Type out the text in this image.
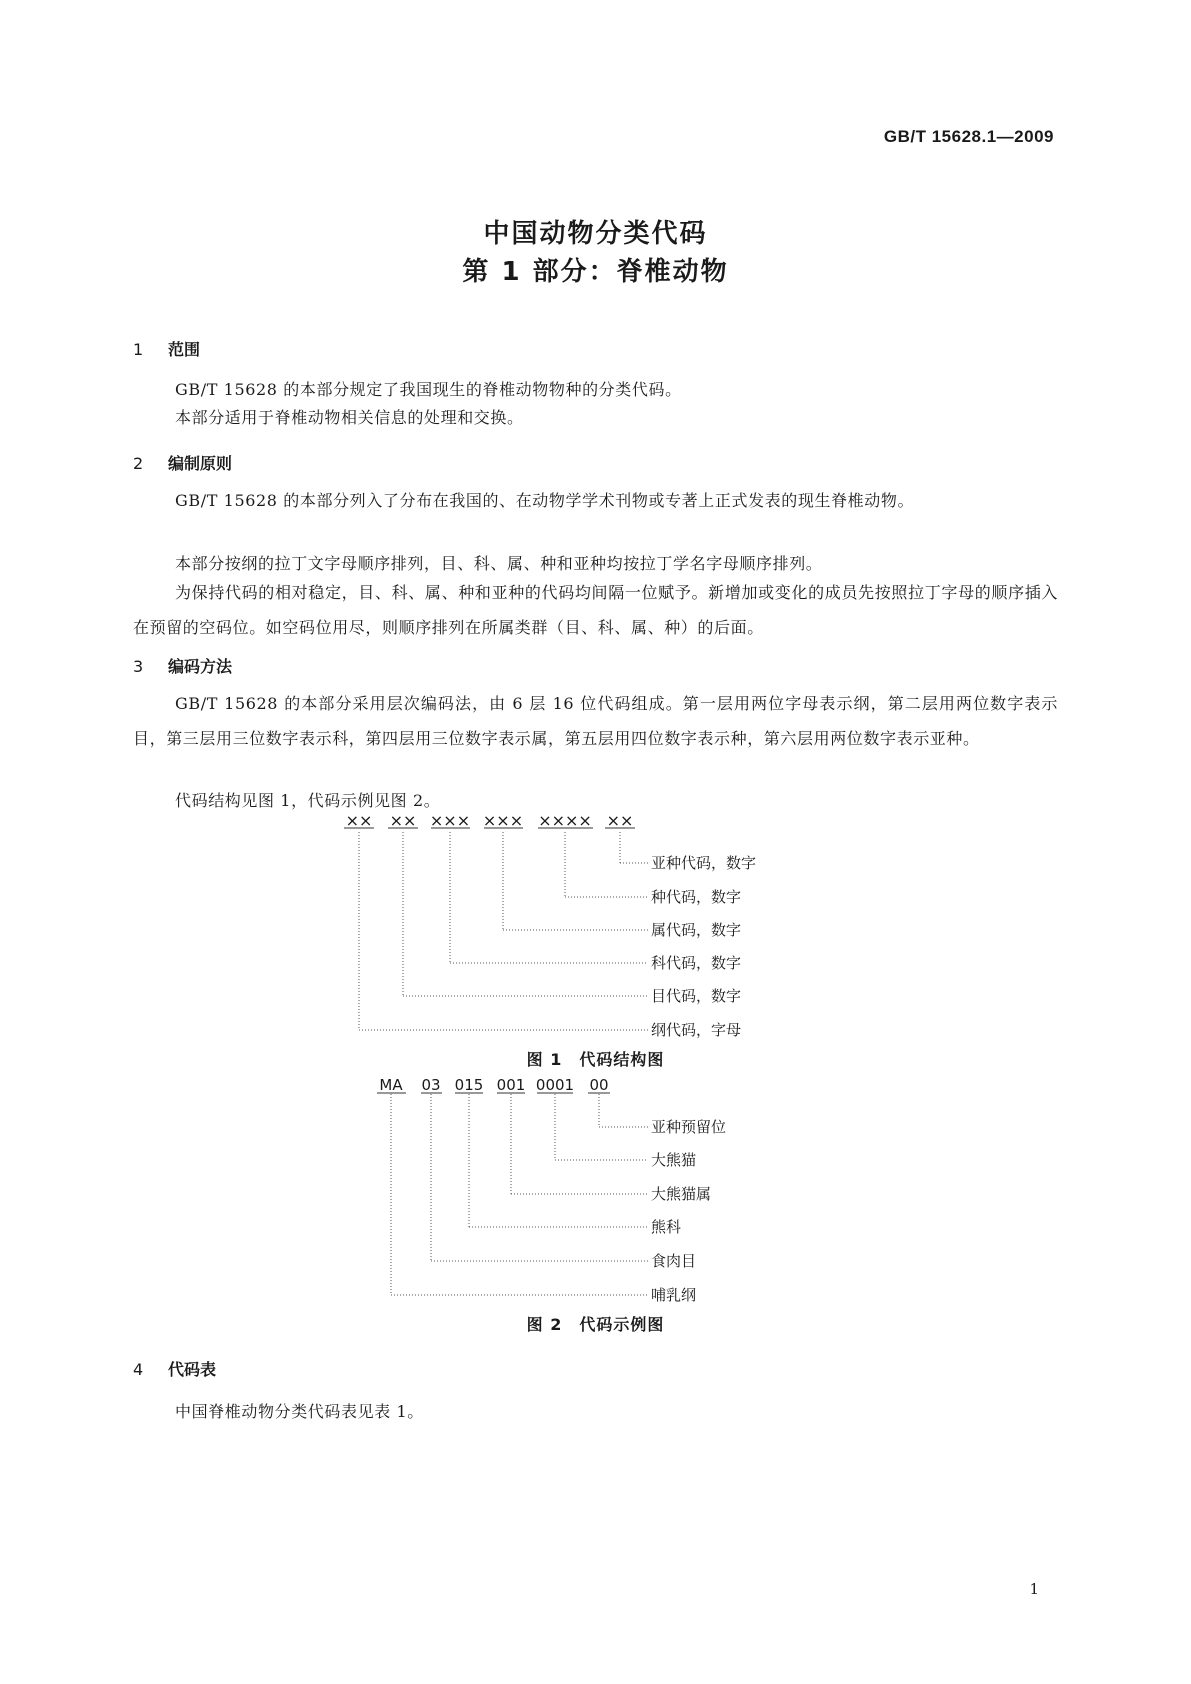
GB/T 15628.1—2009
中国动物分类代码
第 1 部分：脊椎动物
1 范围

GB/T 15628 的本部分规定了我国现生的脊椎动物物种的分类代码。

本部分适用于脊椎动物相关信息的处理和交换。

2 编制原则

GB/T 15628 的本部分列入了分布在我国的、在动物学学术刊物或专著上正式发表的现生脊椎动物。

本部分按纲的拉丁文字母顺序排列，目、科、属、种和亚种均按拉丁学名字母顺序排列。

为保持代码的相对稳定，目、科、属、种和亚种的代码均间隔一位赋予。新增加或变化的成员先按照拉丁字母的顺序插入在预留的空码位。如空码位用尽，则顺序排列在所属类群（目、科、属、种）的后面。

3 编码方法

GB/T 15628 的本部分采用层次编码法，由 6 层 16 位代码组成。第一层用两位字母表示纲，第二层用两位数字表示目，第三层用三位数字表示科，第四层用三位数字表示属，第五层用四位数字表示种，第六层用两位数字表示亚种。

代码结构见图 1，代码示例见图 2。

×× ×× ××× ××× ×××× ××
亚种代码，数字
种代码，数字
属代码，数字
科代码，数字
目代码，数字
纲代码，字母
图 1　代码结构图
MA 03 015 001 0001 00
亚种预留位
大熊猫
大熊猫属
熊科
食肉目
哺乳纲
图 2　代码示例图
4 代码表

中国脊椎动物分类代码表见表 1。

1
